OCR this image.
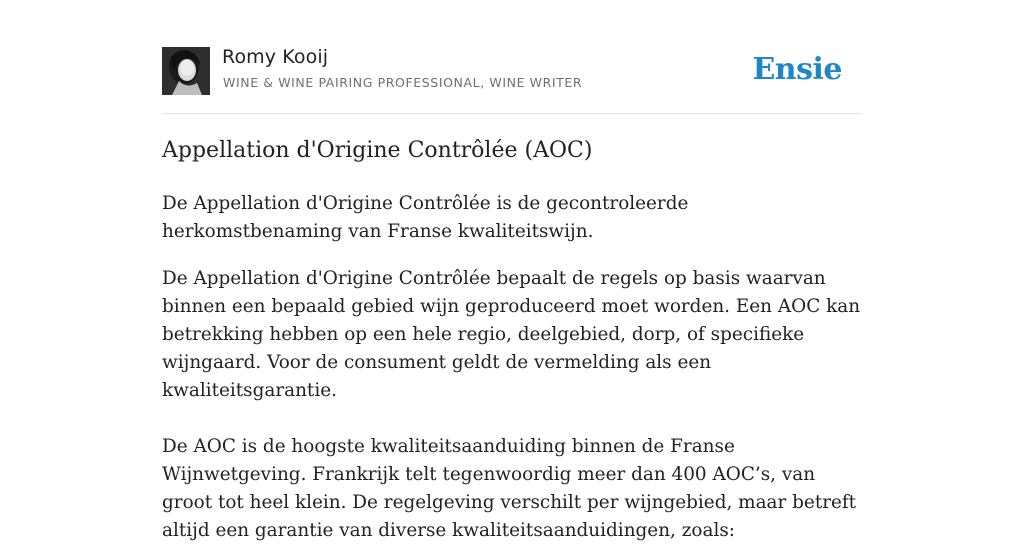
Romy Kooij
WINE & WINE PAIRING PROFESSIONAL, WINE WRITER	Ensie
Appellation d'Origine Contrôlée (AOC)

De Appellation d'Origine Contrôlée is de gecontroleerde herkomstbenaming van Franse kwaliteitswijn.

De Appellation d'Origine Contrôlée bepaalt de regels op basis waarvan binnen een bepaald gebied wijn geproduceerd moet worden. Een AOC kan betrekking hebben op een hele regio, deelgebied, dorp, of specifieke wijngaard. Voor de consument geldt de vermelding als een kwaliteitsgarantie.

De AOC is de hoogste kwaliteitsaanduiding binnen de Franse Wijnwetgeving. Frankrijk telt tegenwoordig meer dan 400 AOC’s, van groot tot heel klein. De regelgeving verschilt per wijngebied, maar betreft altijd een garantie van diverse kwaliteitsaanduidingen, zoals:
